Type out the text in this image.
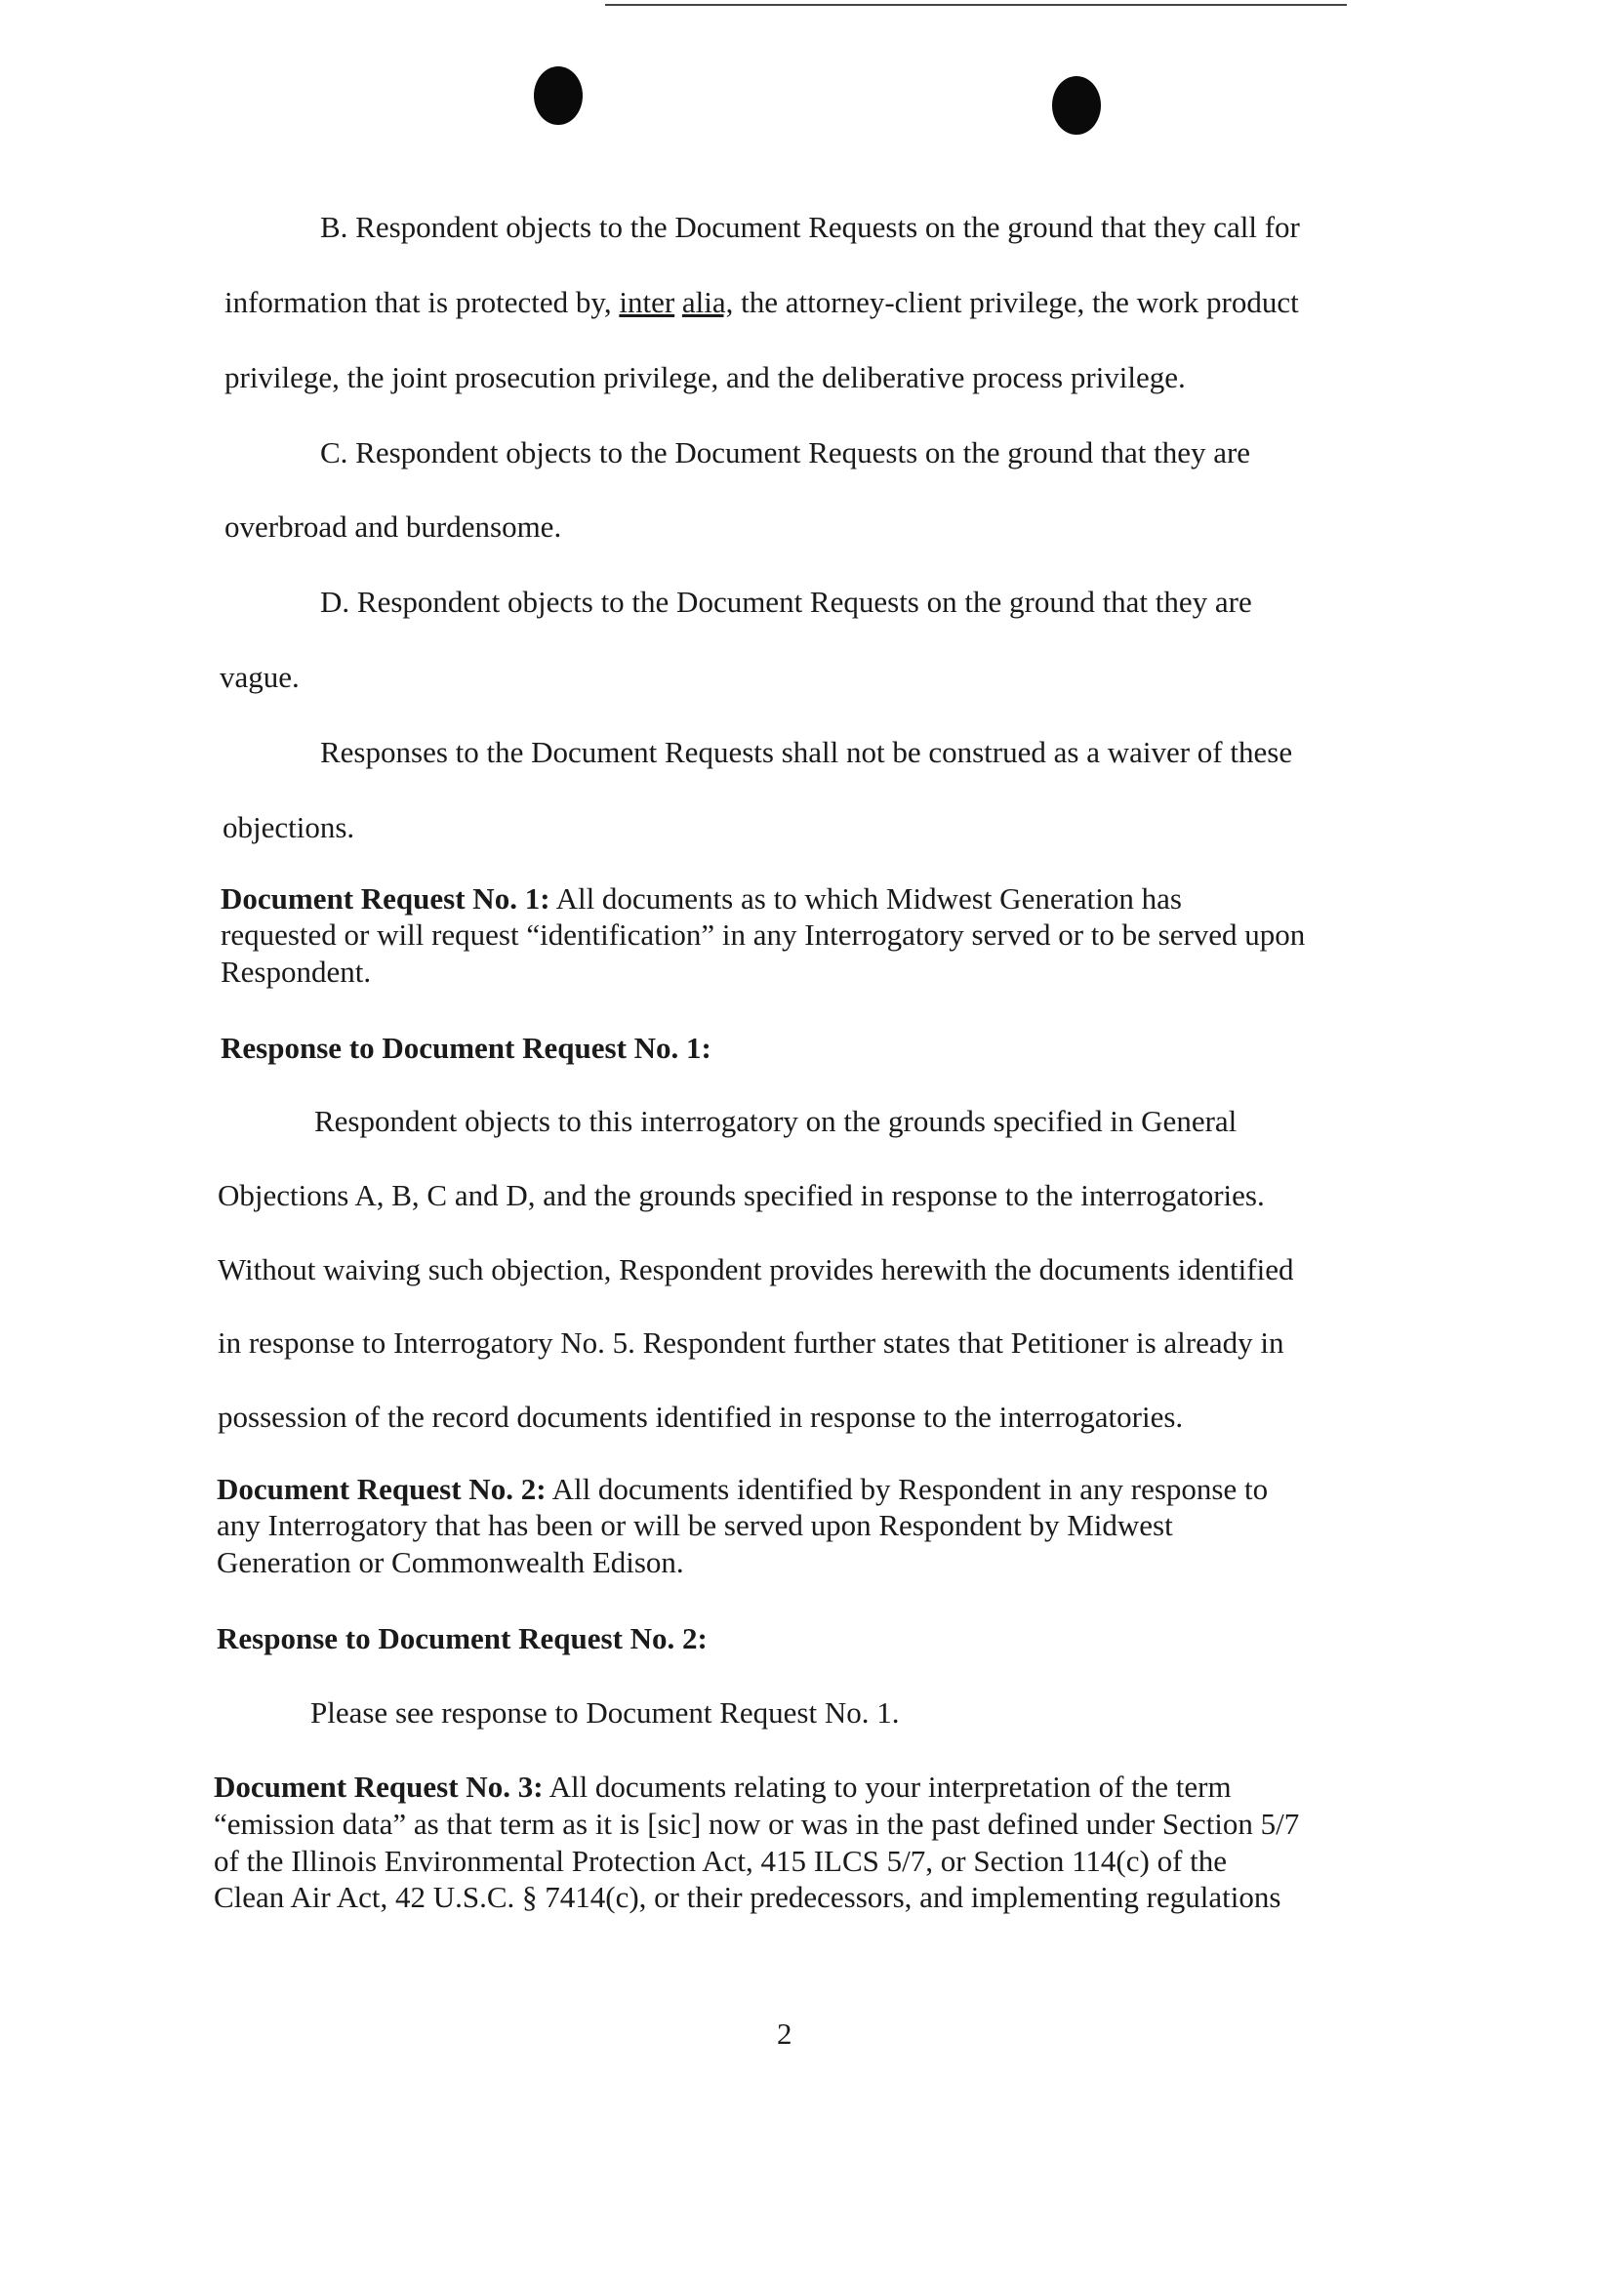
B. Respondent objects to the Document Requests on the ground that they call for
information that is protected by, inter alia, the attorney-client privilege, the work product
privilege, the joint prosecution privilege, and the deliberative process privilege.
C. Respondent objects to the Document Requests on the ground that they are
overbroad and burdensome.
D. Respondent objects to the Document Requests on the ground that they are
vague.
Responses to the Document Requests shall not be construed as a waiver of these
objections.
Document Request No. 1: All documents as to which Midwest Generation has
requested or will request “identification” in any Interrogatory served or to be served upon
Respondent.
Response to Document Request No. 1:
Respondent objects to this interrogatory on the grounds specified in General
Objections A, B, C and D, and the grounds specified in response to the interrogatories.
Without waiving such objection, Respondent provides herewith the documents identified
in response to Interrogatory No. 5. Respondent further states that Petitioner is already in
possession of the record documents identified in response to the interrogatories.
Document Request No. 2: All documents identified by Respondent in any response to
any Interrogatory that has been or will be served upon Respondent by Midwest
Generation or Commonwealth Edison.
Response to Document Request No. 2:
Please see response to Document Request No. 1.
Document Request No. 3: All documents relating to your interpretation of the term
“emission data” as that term as it is [sic] now or was in the past defined under Section 5/7
of the Illinois Environmental Protection Act, 415 ILCS 5/7, or Section 114(c) of the
Clean Air Act, 42 U.S.C. § 7414(c), or their predecessors, and implementing regulations
2
